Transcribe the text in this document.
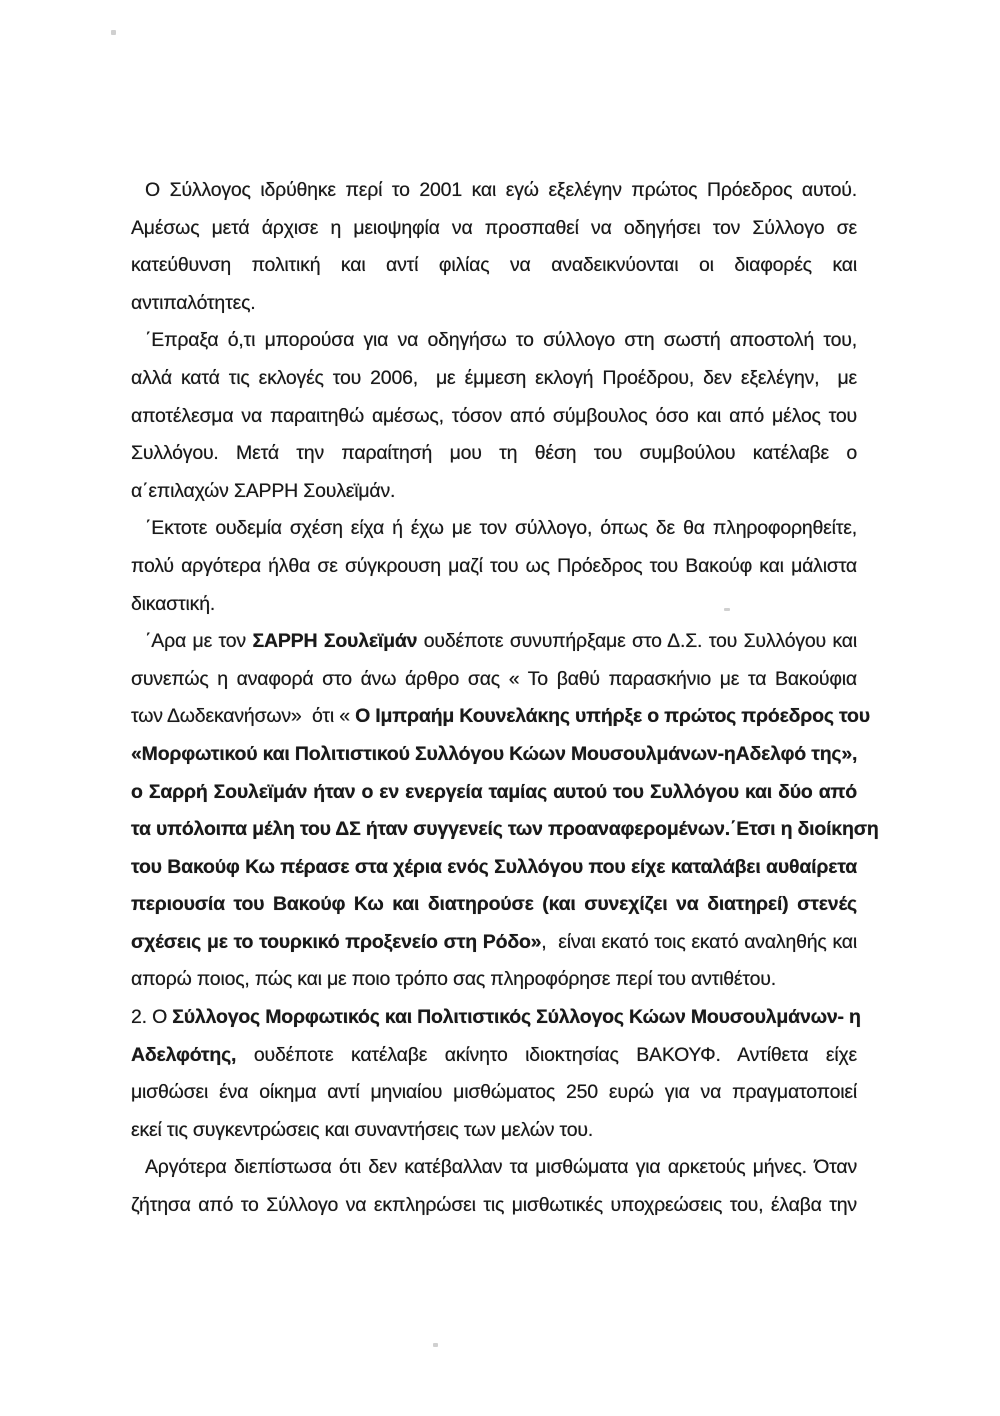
Ο Σύλλογος ιδρύθηκε περί το 2001 και εγώ εξελέγην πρώτος Πρόεδρος αυτού.
Αμέσως μετά άρχισε η μειοψηφία να προσπαθεί να οδηγήσει τον Σύλλογο σε
κατεύθυνση πολιτική και αντί φιλίας να αναδεικνύονται οι διαφορές και
αντιπαλότητες.
΄Επραξα ό,τι μπορούσα για να οδηγήσω το σύλλογο στη σωστή αποστολή του,
αλλά κατά τις εκλογές του 2006,  με έμμεση εκλογή Προέδρου, δεν εξελέγην,  με
αποτέλεσμα να παραιτηθώ αμέσως, τόσον από σύμβουλος όσο και από μέλος του
Συλλόγου. Μετά την παραίτησή μου τη θέση του συμβούλου κατέλαβε ο
α΄επιλαχών ΣΑΡΡΗ Σουλεϊμάν.
΄Εκτοτε ουδεμία σχέση είχα ή έχω με τον σύλλογο, όπως δε θα πληροφορηθείτε,
πολύ αργότερα ήλθα σε σύγκρουση μαζί του ως Πρόεδρος του Βακούφ και μάλιστα
δικαστική.
΄Αρα με τον ΣΑΡΡΗ Σουλεϊμάν ουδέποτε συνυπήρξαμε στο Δ.Σ. του Συλλόγου και
συνεπώς η αναφορά στο άνω άρθρο σας « Το βαθύ παρασκήνιο με τα Βακούφια
των Δωδεκανήσων»  ότι « Ο Ιμπραήμ Κουνελάκης υπήρξε ο πρώτος πρόεδρος του
«Μορφωτικού και Πολιτιστικού Συλλόγου Κώων Μουσουλμάνων-ηΑδελφό της»,
ο Σαρρή Σουλεϊμάν ήταν ο εν ενεργεία ταμίας αυτού του Συλλόγου και δύο από
τα υπόλοιπα μέλη του ΔΣ ήταν συγγενείς των προαναφερομένων.΄Ετσι η διοίκηση
του Βακούφ Κω πέρασε στα χέρια ενός Συλλόγου που είχε καταλάβει αυθαίρετα
περιουσία του Βακούφ Κω και διατηρούσε (και συνεχίζει να διατηρεί) στενές
σχέσεις με το τουρκικό προξενείο στη Ρόδο»,  είναι εκατό τοις εκατό αναληθής και
απορώ ποιος, πώς και με ποιο τρόπο σας πληροφόρησε περί του αντιθέτου.
2. Ο Σύλλογος Μορφωτικός και Πολιτιστικός Σύλλογος Κώων Μουσουλμάνων- η
Αδελφότης, ουδέποτε κατέλαβε ακίνητο ιδιοκτησίας ΒΑΚΟΥΦ. Αντίθετα είχε
μισθώσει ένα οίκημα αντί μηνιαίου μισθώματος 250 ευρώ για να πραγματοποιεί
εκεί τις συγκεντρώσεις και συναντήσεις των μελών του.
Αργότερα διεπίστωσα ότι δεν κατέβαλλαν τα μισθώματα για αρκετούς μήνες. Όταν
ζήτησα από το Σύλλογο να εκπληρώσει τις μισθωτικές υποχρεώσεις του, έλαβα την
